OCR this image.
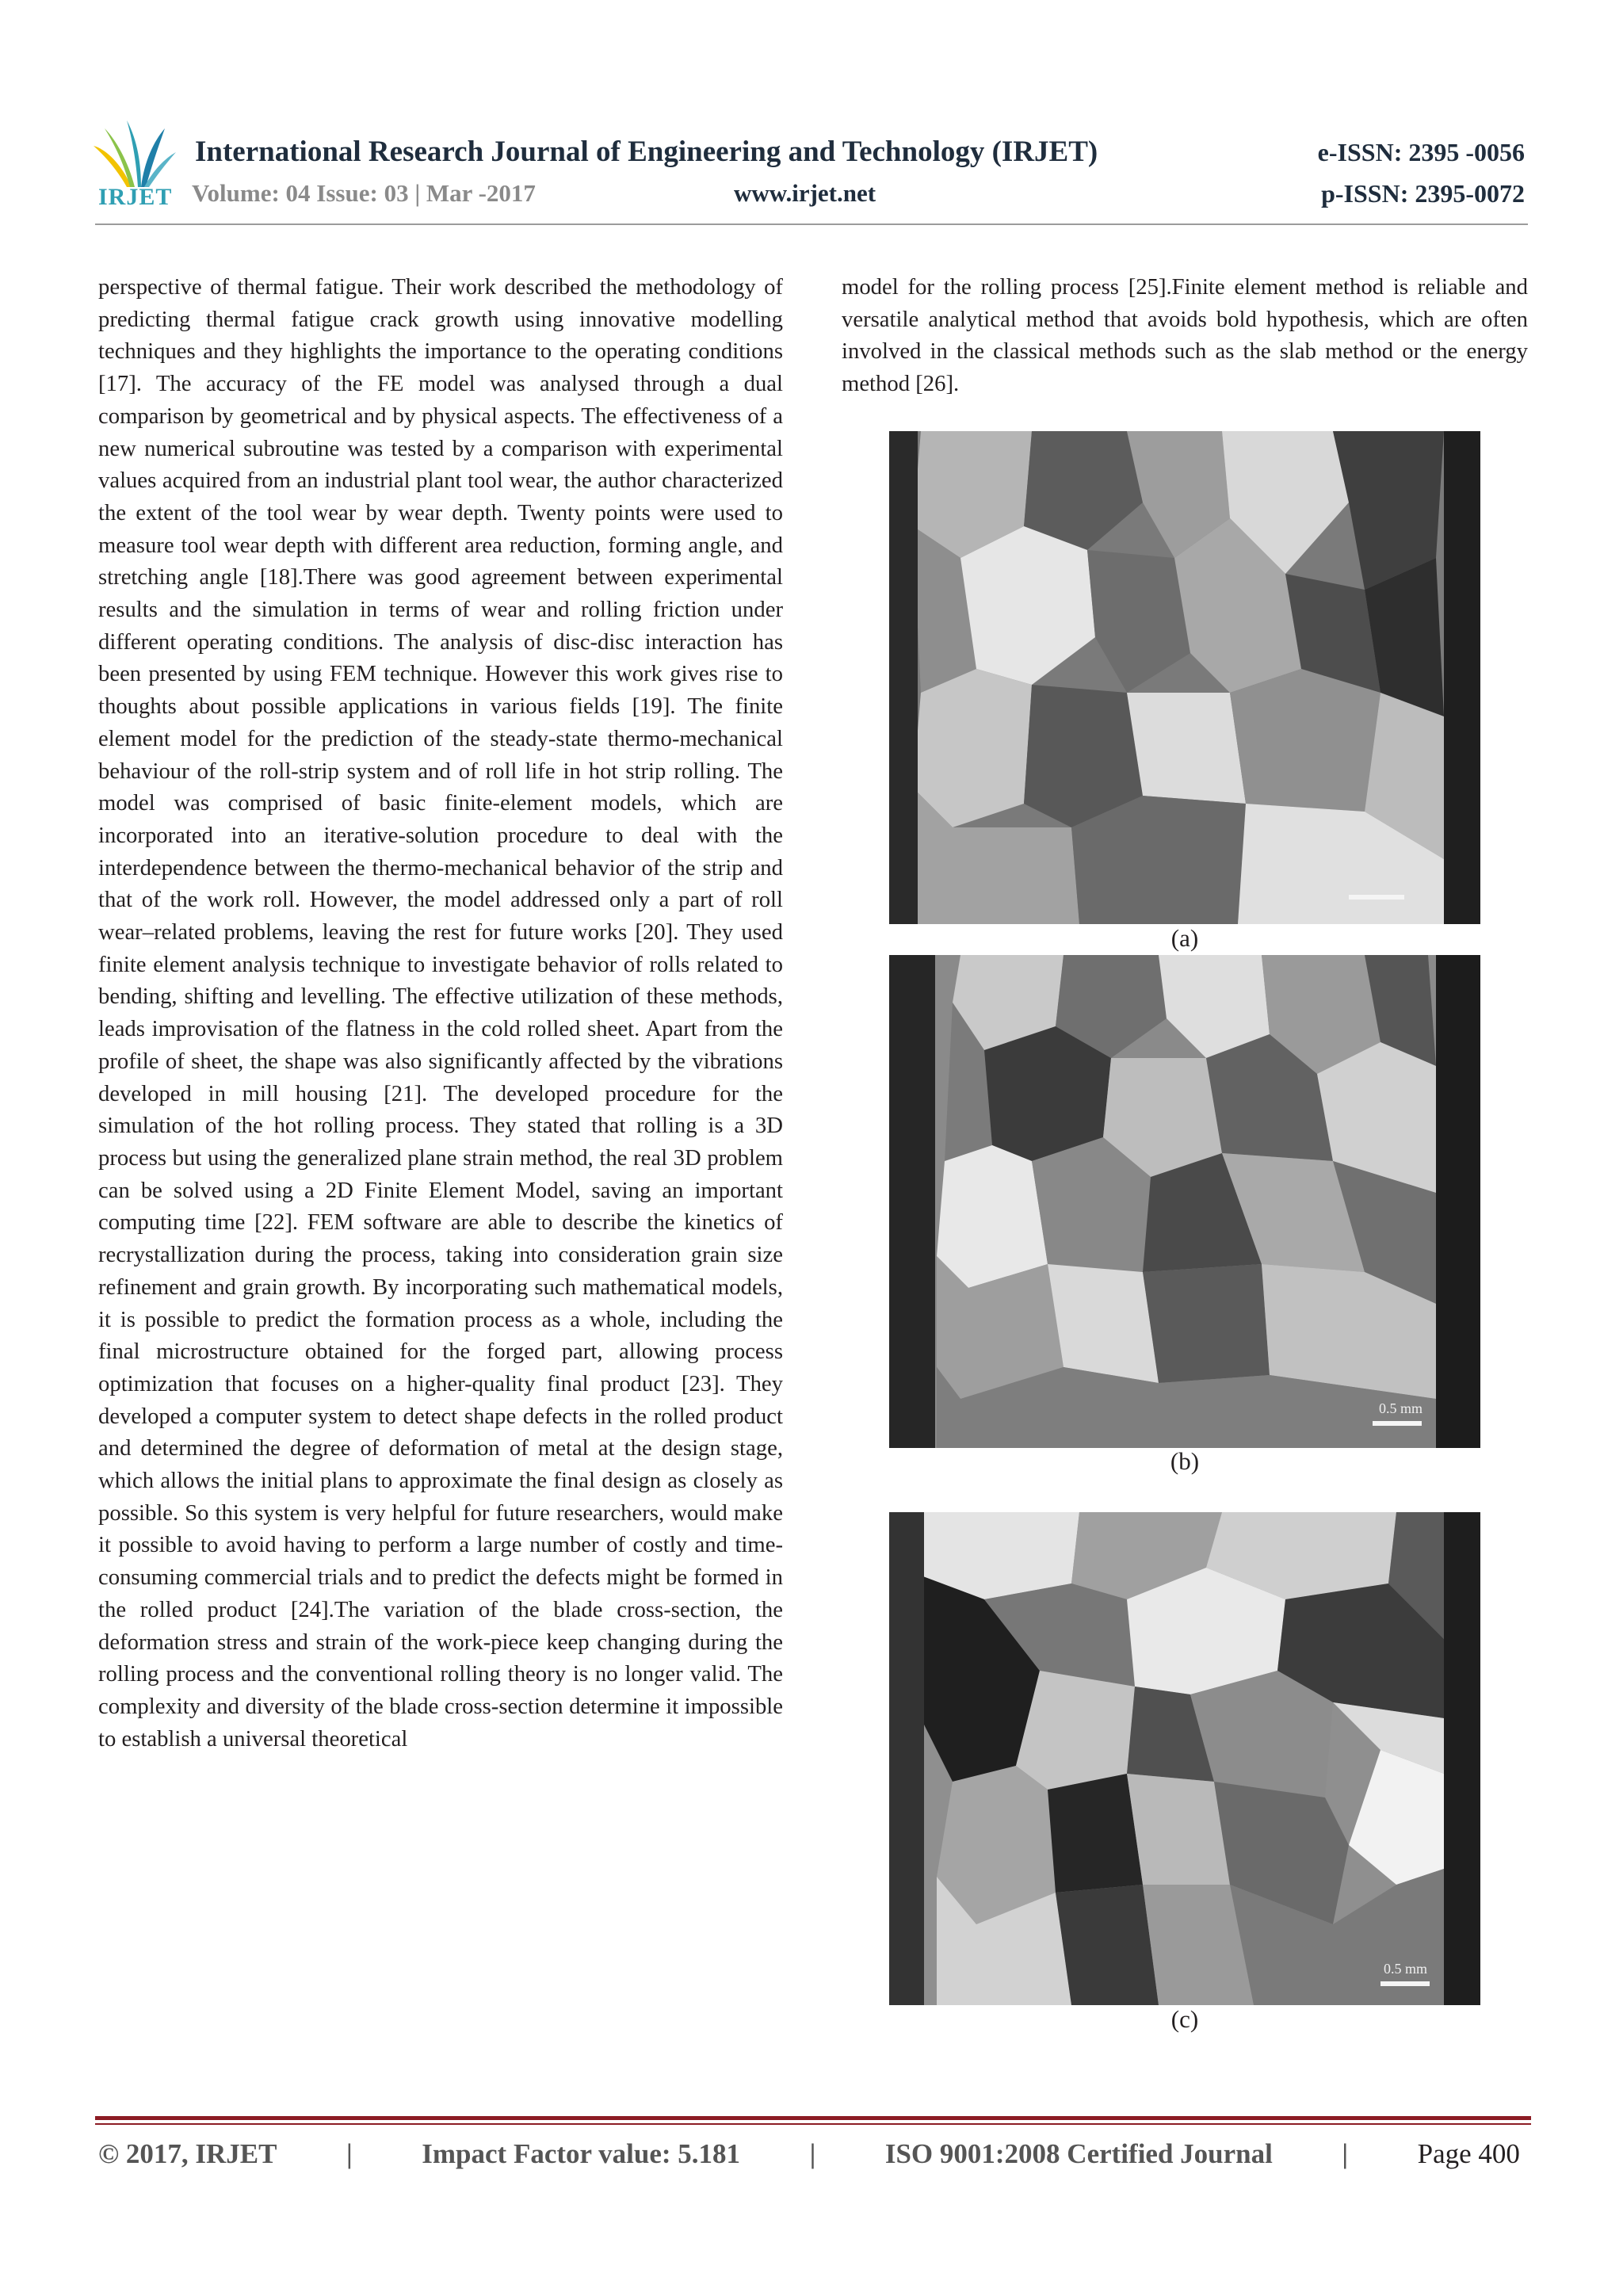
IRJET
International Research Journal of Engineering and Technology (IRJET)	e-ISSN: 2395 -0056
Volume: 04 Issue: 03 | Mar -2017	www.irjet.net	p-ISSN: 2395-0072

perspective of thermal fatigue. Their work described the methodology of predicting thermal fatigue crack growth using innovative modelling techniques and they highlights the importance to the operating conditions [17]. The accuracy of the FE model was analysed through a dual comparison by geometrical and by physical aspects. The effectiveness of a new numerical subroutine was tested by a comparison with experimental values acquired from an industrial plant tool wear, the author characterized the extent of the tool wear by wear depth. Twenty points were used to measure tool wear depth with different area reduction, forming angle, and stretching angle [18].There was good agreement between experimental results and the simulation in terms of wear and rolling friction under different operating conditions. The analysis of disc-disc interaction has been presented by using FEM technique. However this work gives rise to thoughts about possible applications in various fields [19]. The finite element model for the prediction of the steady-state thermo-mechanical behaviour of the roll-strip system and of roll life in hot strip rolling. The model was comprised of basic finite-element models, which are incorporated into an iterative-solution procedure to deal with the interdependence between the thermo-mechanical behavior of the strip and that of the work roll. However, the model addressed only a part of roll wear–related problems, leaving the rest for future works [20]. They used finite element analysis technique to investigate behavior of rolls related to bending, shifting and levelling. The effective utilization of these methods, leads improvisation of the flatness in the cold rolled sheet. Apart from the profile of sheet, the shape was also significantly affected by the vibrations developed in mill housing [21]. The developed procedure for the simulation of the hot rolling process. They stated that rolling is a 3D process but using the generalized plane strain method, the real 3D problem can be solved using a 2D Finite Element Model, saving an important computing time [22]. FEM software are able to describe the kinetics of recrystallization during the process, taking into consideration grain size refinement and grain growth. By incorporating such mathematical models, it is possible to predict the formation process as a whole, including the final microstructure obtained for the forged part, allowing process optimization that focuses on a higher-quality final product [23]. They developed a computer system to detect shape defects in the rolled product and determined the degree of deformation of metal at the design stage, which allows the initial plans to approximate the final design as closely as possible. So this system is very helpful for future researchers, would make it possible to avoid having to perform a large number of costly and time-consuming commercial trials and to predict the defects might be formed in the rolled product [24].The variation of the blade cross-section, the deformation stress and strain of the work-piece keep changing during the rolling process and the conventional rolling theory is no longer valid. The complexity and diversity of the blade cross-section determine it impossible to establish a universal theoretical

model for the rolling process [25].Finite element method is reliable and versatile analytical method that avoids bold hypothesis, which are often involved in the classical methods such as the slab method or the energy method [26].

(a)
0.5 mm
(b)
0.5 mm
(c)
© 2017, IRJET	|	Impact Factor value: 5.181	|	ISO 9001:2008 Certified Journal	|	Page 400
